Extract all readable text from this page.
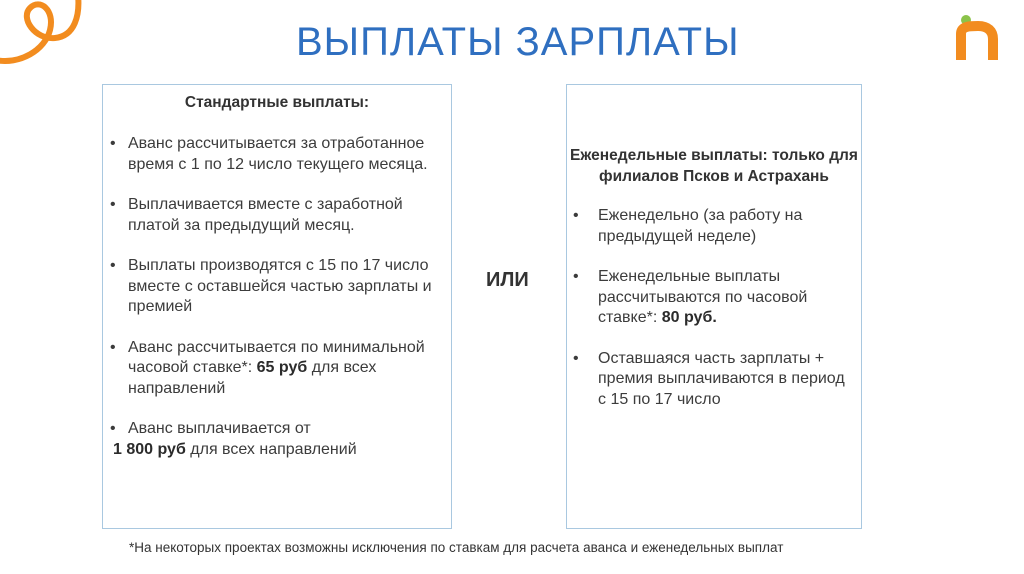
ВЫПЛАТЫ ЗАРПЛАТЫ
Стандартные выплаты:
• Аванс рассчитывается за отработанное время с 1 по 12 число текущего месяца.
• Выплачивается вместе с заработной платой за предыдущий месяц.
• Выплаты производятся с 15 по 17 число вместе с оставшейся частью зарплаты и премией
• Аванс рассчитывается по минимальной часовой ставке*: 65 руб для всех направлений
• Аванс выплачивается от
1 800 руб для всех направлений
ИЛИ
Еженедельные выплаты: только для филиалов Псков и Астрахань
• Еженедельно (за работу на предыдущей неделе)
• Еженедельные выплаты рассчитываются по часовой ставке*: 80 руб.
• Оставшаяся часть зарплаты + премия выплачиваются в период с 15 по 17 число
*На некоторых проектах возможны исключения по ставкам для расчета аванса и еженедельных выплат
